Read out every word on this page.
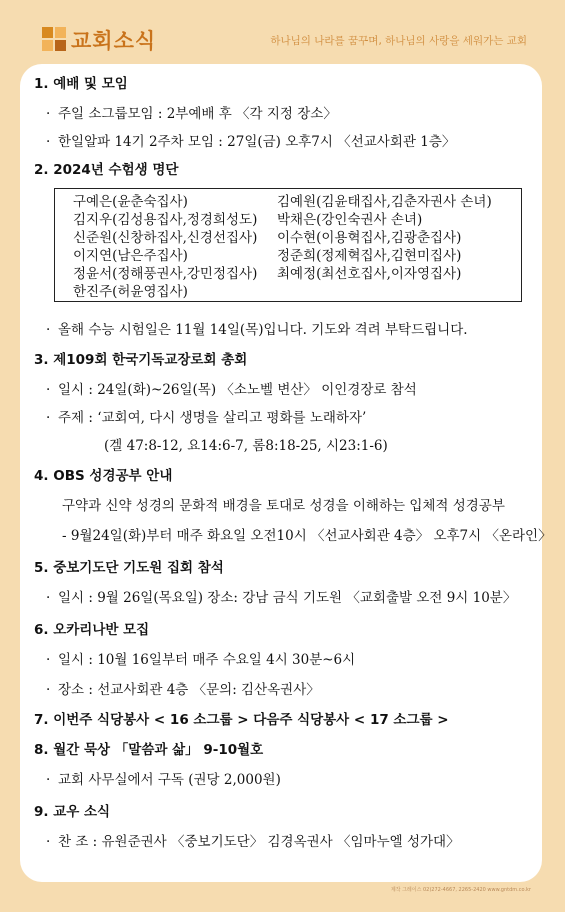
교회소식	하나님의 나라를 꿈꾸며, 하나님의 사랑을 세워가는 교회
1. 예배 및 모임
· 주일 소그룹모임 : 2부예배 후 〈각 지정 장소〉
· 한일알파 14기 2주차 모임 : 27일(금) 오후7시 〈선교사회관 1층〉
2. 2024년 수험생 명단
구예은(윤춘숙집사)
김지우(김성용집사,정경희성도)
신준원(신창하집사,신경선집사)
이지연(남은주집사)
정윤서(정해풍권사,강민정집사)
한진주(허윤영집사)
김예원(김윤태집사,김춘자권사 손녀)
박채은(강인숙권사 손녀)
이수현(이용혁집사,김광춘집사)
정준희(정제혁집사,김현미집사)
최예정(최선호집사,이자영집사)
· 올해 수능 시험일은 11월 14일(목)입니다. 기도와 격려 부탁드립니다.
3. 제109회 한국기독교장로회 총회
· 일시 : 24일(화)~26일(목) 〈소노벨 변산〉 이인경장로 참석
· 주제 : ‘교회여, 다시 생명을 살리고 평화를 노래하자’
(겔 47:8-12, 요14:6-7, 롬8:18-25, 시23:1-6)
4. OBS 성경공부 안내
구약과 신약 성경의 문화적 배경을 토대로 성경을 이해하는 입체적 성경공부
- 9월24일(화)부터 매주 화요일 오전10시 〈선교사회관 4층〉 오후7시 〈온라인〉
5. 중보기도단 기도원 집회 참석
· 일시 : 9월 26일(목요일) 장소: 강남 금식 기도원 〈교회출발 오전 9시 10분〉
6. 오카리나반 모집
· 일시 : 10월 16일부터 매주 수요일 4시 30분~6시
· 장소 : 선교사회관 4층 〈문의: 김산옥권사〉
7. 이번주 식당봉사 < 16 소그룹 > 다음주 식당봉사 < 17 소그룹 >
8. 월간 묵상 「말씀과 삶」 9-10월호
· 교회 사무실에서 구독 (권당 2,000원)
9. 교우 소식
· 찬 조 : 유원준권사 〈중보기도단〉 김경옥권사 〈임마누엘 성가대〉
제작 그레이스 02)272-4667, 2265-2420 www.gntdm.co.kr
